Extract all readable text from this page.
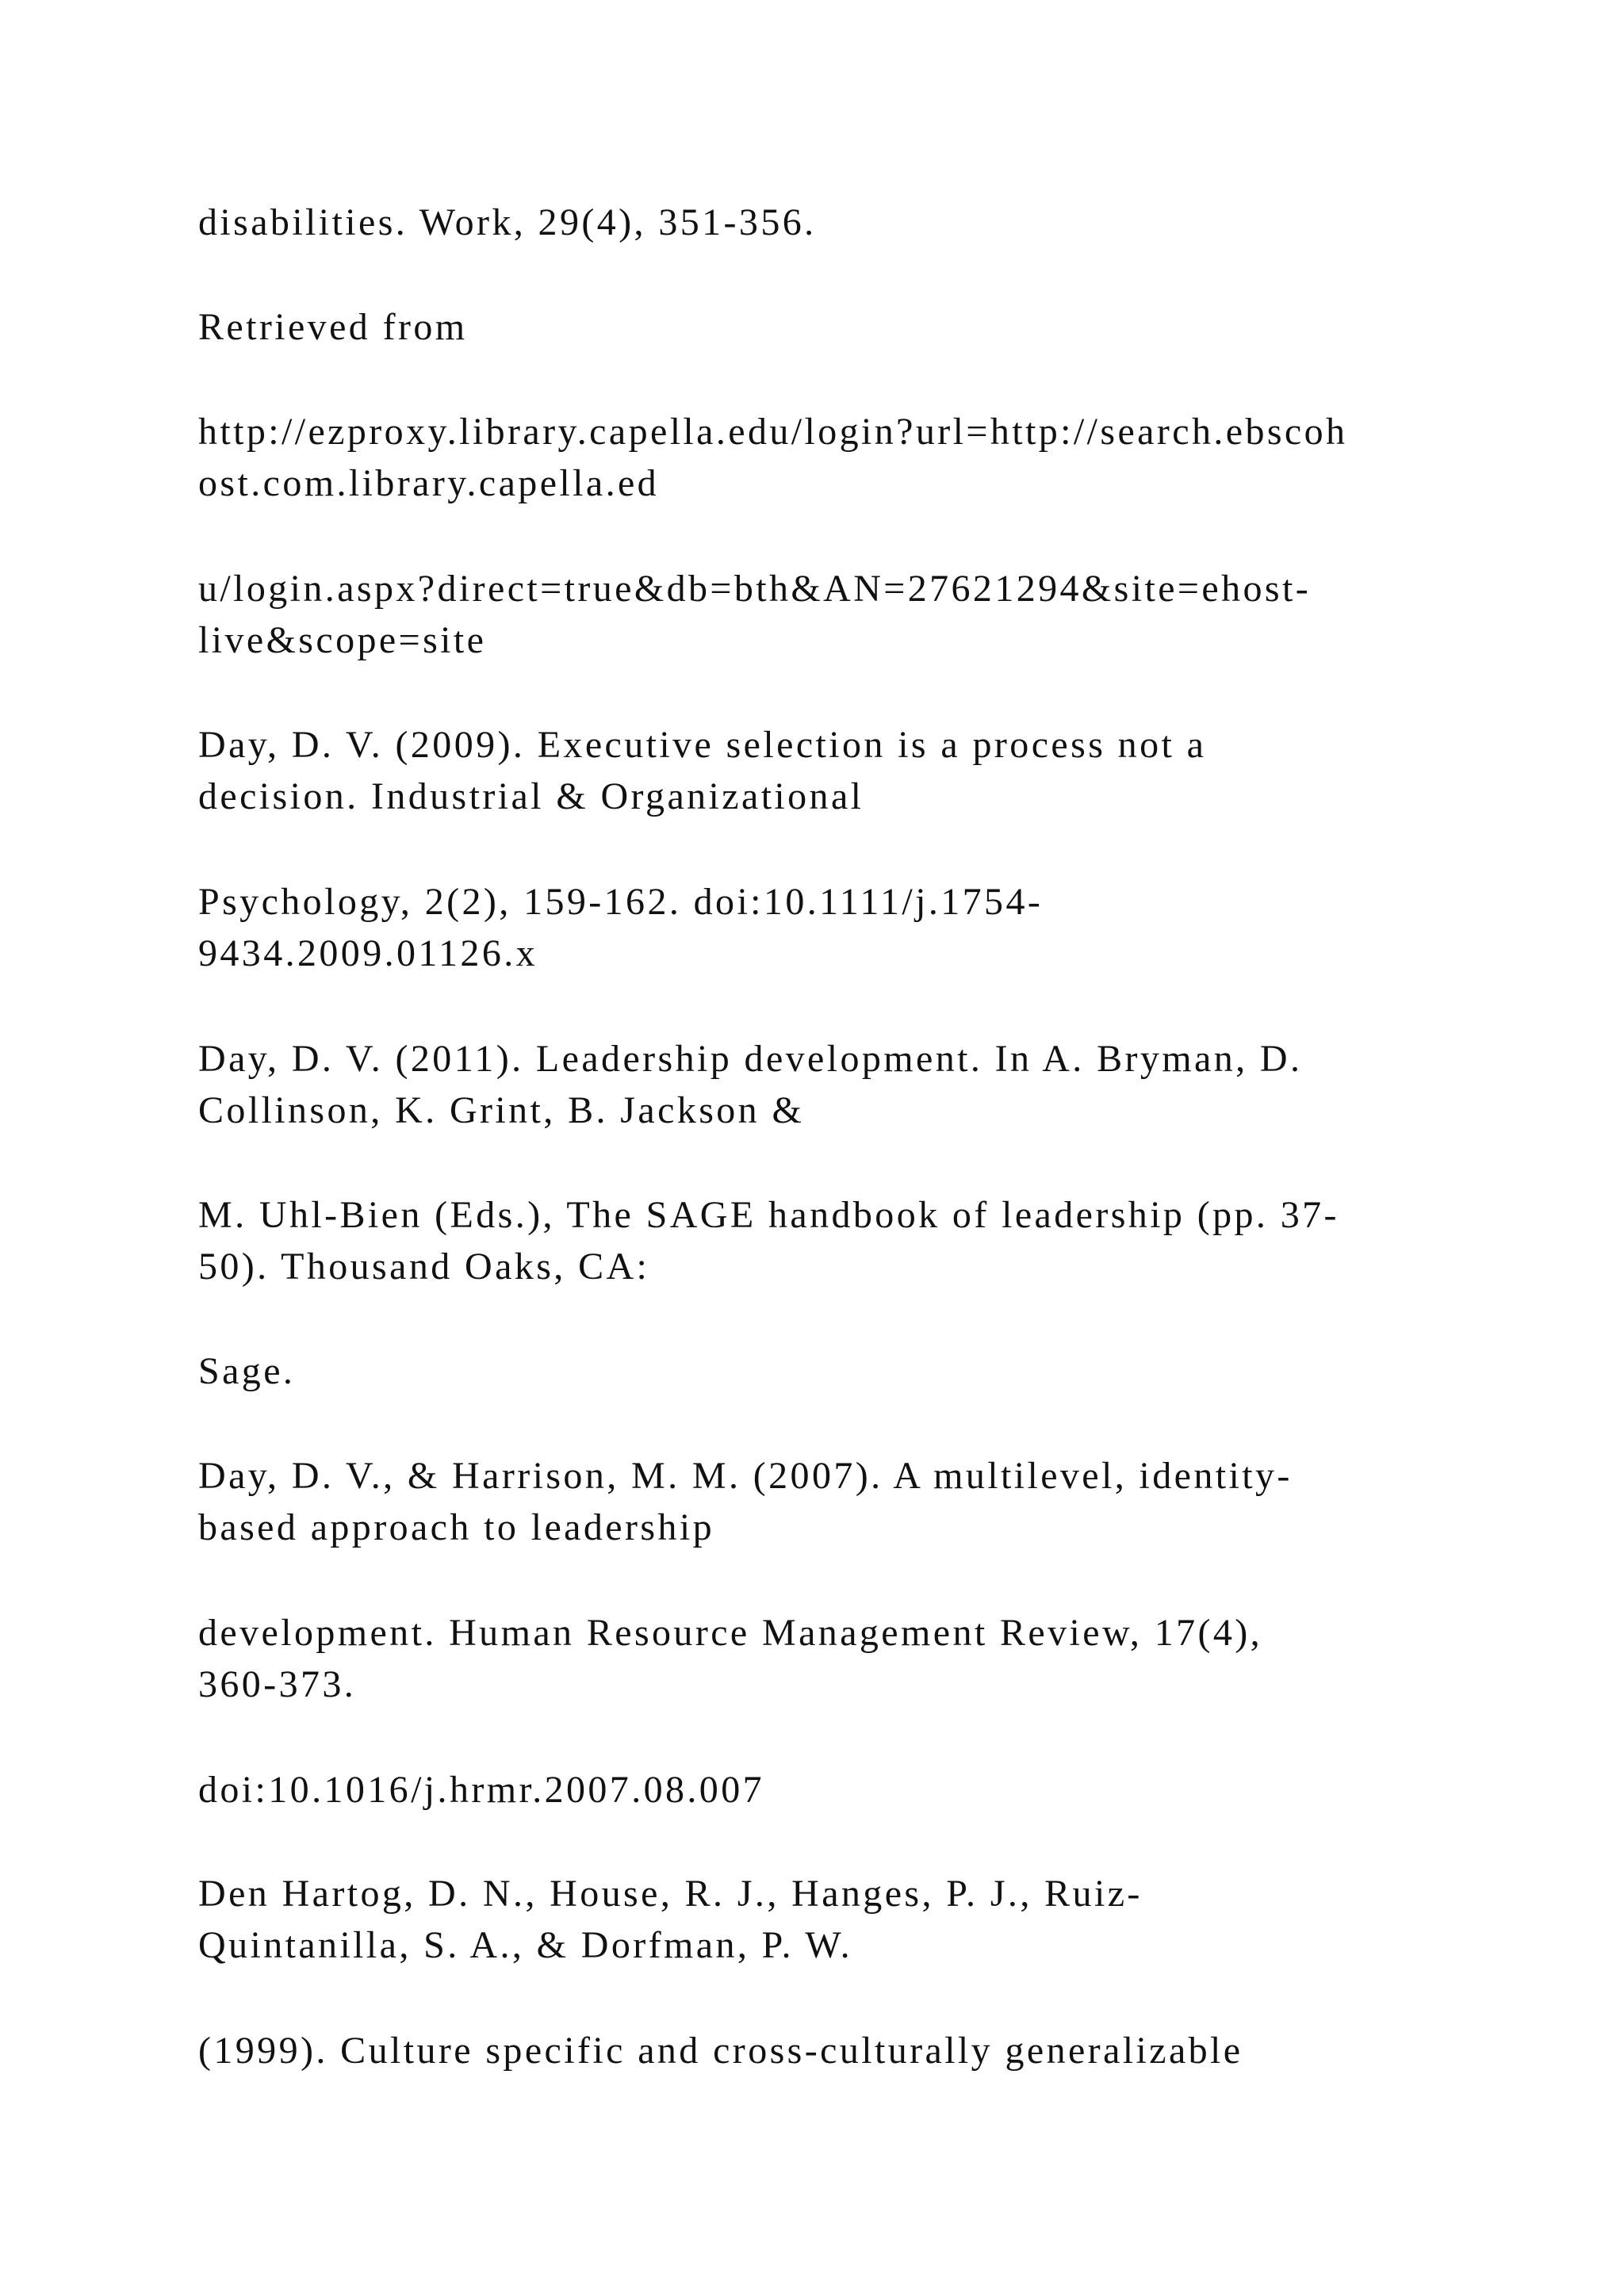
disabilities. Work, 29(4), 351-356.

Retrieved from

http://ezproxy.library.capella.edu/login?url=http://search.ebscoh
ost.com.library.capella.ed

u/login.aspx?direct=true&db=bth&AN=27621294&site=ehost-
live&scope=site

Day, D. V. (2009). Executive selection is a process not a
decision. Industrial & Organizational

Psychology, 2(2), 159-162. doi:10.1111/j.1754-
9434.2009.01126.x

Day, D. V. (2011). Leadership development. In A. Bryman, D.
Collinson, K. Grint, B. Jackson &

M. Uhl-Bien (Eds.), The SAGE handbook of leadership (pp. 37-
50). Thousand Oaks, CA:

Sage.

Day, D. V., & Harrison, M. M. (2007). A multilevel, identity-
based approach to leadership

development. Human Resource Management Review, 17(4),
360-373.

doi:10.1016/j.hrmr.2007.08.007

Den Hartog, D. N., House, R. J., Hanges, P. J., Ruiz-
Quintanilla, S. A., & Dorfman, P. W.

(1999). Culture specific and cross-culturally generalizable
